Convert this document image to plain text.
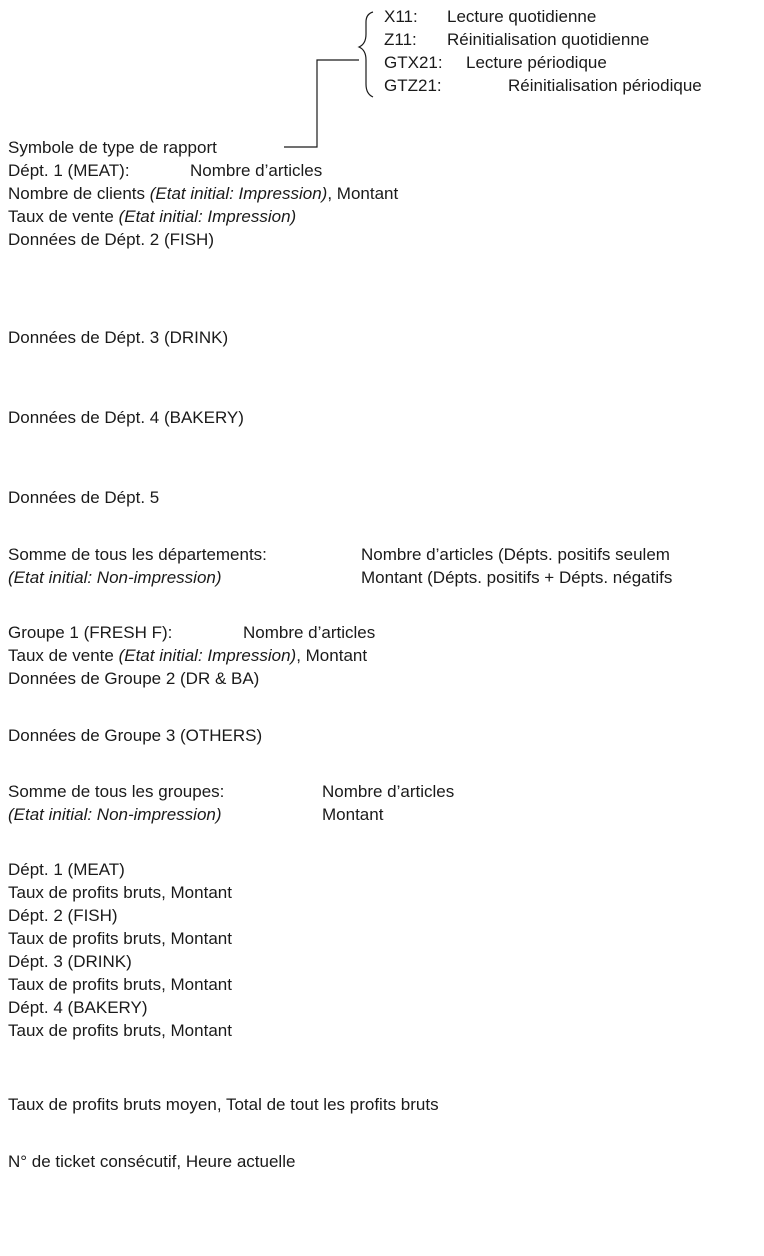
X11: Lecture quotidienne
Z11: Réinitialisation quotidienne
GTX21: Lecture périodique
GTZ21:	Réinitialisation périodique
Symbole de type de rapport
Dépt. 1 (MEAT):	Nombre d’articles
Nombre de clients (Etat initial: Impression), Montant
Taux de vente (Etat initial: Impression)
Données de Dépt. 2 (FISH)
Données de Dépt. 3 (DRINK)
Données de Dépt. 4 (BAKERY)
Données de Dépt. 5
Somme de tous les départements:	Nombre d’articles (Dépts. positifs seulem
(Etat initial: Non-impression)	Montant (Dépts. positifs + Dépts. négatifs
Groupe 1 (FRESH F):	Nombre d’articles
Taux de vente (Etat initial: Impression), Montant
Données de Groupe 2 (DR & BA)
Données de Groupe 3 (OTHERS)
Somme de tous les groupes:	Nombre d’articles
(Etat initial: Non-impression)	Montant
Dépt. 1 (MEAT)
Taux de profits bruts, Montant
Dépt. 2 (FISH)
Taux de profits bruts, Montant
Dépt. 3 (DRINK)
Taux de profits bruts, Montant
Dépt. 4 (BAKERY)
Taux de profits bruts, Montant
Taux de profits bruts moyen, Total de tout les profits bruts
N° de ticket consécutif, Heure actuelle
